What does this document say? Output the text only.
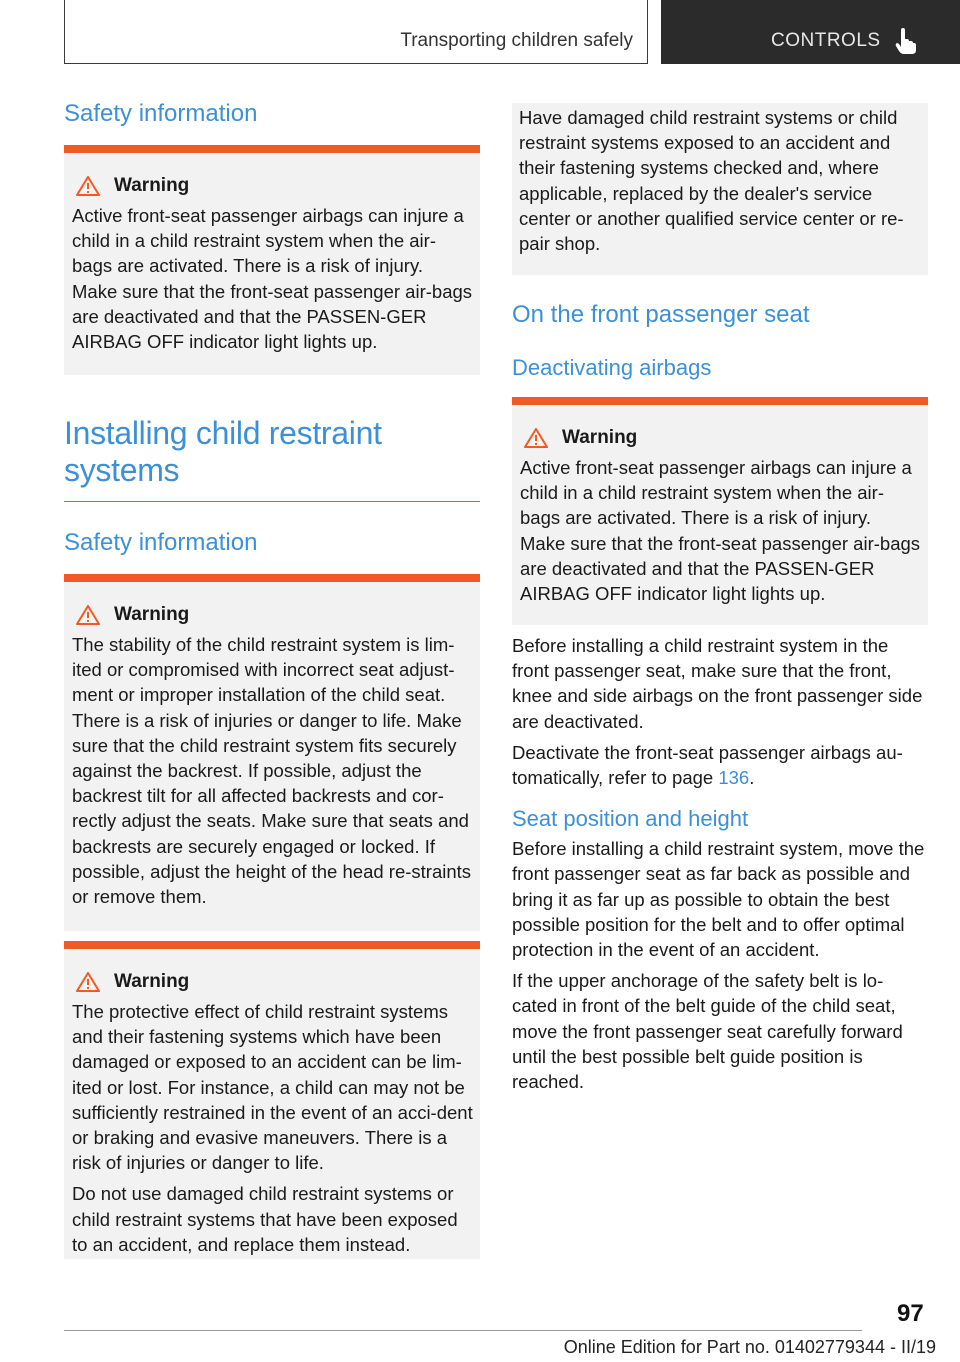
Transporting children safely	CONTROLS
Safety information
Warning

Active front-seat passenger airbags can injure a child in a child restraint system when the air-bags are activated. There is a risk of injury. Make sure that the front-seat passenger air-bags are deactivated and that the PASSEN-GER AIRBAG OFF indicator light lights up.

Installing child restraint systems
Safety information
Warning

The stability of the child restraint system is lim-ited or compromised with incorrect seat adjust-ment or improper installation of the child seat. There is a risk of injuries or danger to life. Make sure that the child restraint system fits securely against the backrest. If possible, adjust the backrest tilt for all affected backrests and cor-rectly adjust the seats. Make sure that seats and backrests are securely engaged or locked. If possible, adjust the height of the head re-straints or remove them.

Warning

The protective effect of child restraint systems and their fastening systems which have been damaged or exposed to an accident can be lim-ited or lost. For instance, a child can may not be sufficiently restrained in the event of an acci-dent or braking and evasive maneuvers. There is a risk of injuries or danger to life.

Do not use damaged child restraint systems or child restraint systems that have been exposed to an accident, and replace them instead.

Have damaged child restraint systems or child restraint systems exposed to an accident and their fastening systems checked and, where applicable, replaced by the dealer's service center or another qualified service center or re-pair shop.

On the front passenger seat
Deactivating airbags
Warning

Active front-seat passenger airbags can injure a child in a child restraint system when the air-bags are activated. There is a risk of injury. Make sure that the front-seat passenger air-bags are deactivated and that the PASSEN-GER AIRBAG OFF indicator light lights up.

Before installing a child restraint system in the front passenger seat, make sure that the front, knee and side airbags on the front passenger side are deactivated.

Deactivate the front-seat passenger airbags au-tomatically, refer to page 136.

Seat position and height

Before installing a child restraint system, move the front passenger seat as far back as possible and bring it as far up as possible to obtain the best possible position for the belt and to offer optimal protection in the event of an accident.

If the upper anchorage of the safety belt is lo-cated in front of the belt guide of the child seat, move the front passenger seat carefully forward until the best possible belt guide position is reached.

97
Online Edition for Part no. 01402779344 - II/19
